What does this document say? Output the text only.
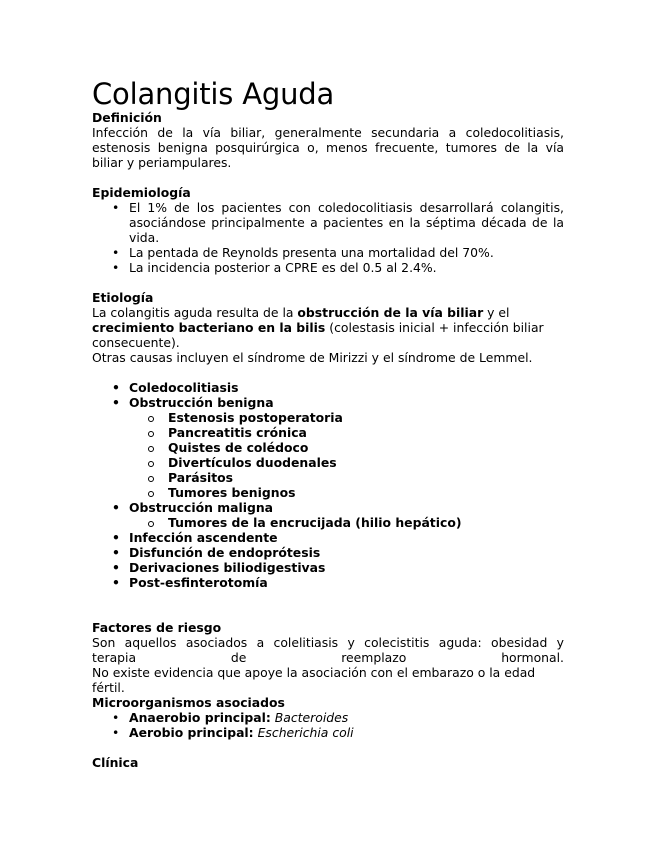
Colangitis Aguda
Definición

Infección de la vía biliar, generalmente secundaria a coledocolitiasis, estenosis benigna posquirúrgica o, menos frecuente, tumores de la vía biliar y periampulares.

Epidemiología
• El 1% de los pacientes con coledocolitiasis desarrollará colangitis, asociándose principalmente a pacientes en la séptima década de la vida.
• La pentada de Reynolds presenta una mortalidad del 70%.
• La incidencia posterior a CPRE es del 0.5 al 2.4%.
Etiología

La colangitis aguda resulta de la obstrucción de la vía biliar y el crecimiento bacteriano en la bilis (colestasis inicial + infección biliar consecuente).

Otras causas incluyen el síndrome de Mirizzi y el síndrome de Lemmel.

• Coledocolitiasis
• Obstrucción benigna
Estenosis postoperatoria
Pancreatitis crónica
Quistes de colédoco
Divertículos duodenales
Parásitos
Tumores benignos
• Obstrucción maligna
Tumores de la encrucijada (hilio hepático)
• Infección ascendente
• Disfunción de endoprótesis
• Derivaciones biliodigestivas
• Post-esfinterotomía
Factores de riesgo

Son aquellos asociados a colelitiasis y colecistitis aguda: obesidad y

terapia de reemplazo hormonal.

No existe evidencia que apoye la asociación con el embarazo o la edad fértil.

Microorganismos asociados
• Anaerobio principal: Bacteroides
• Aerobio principal: Escherichia coli
Clínica
